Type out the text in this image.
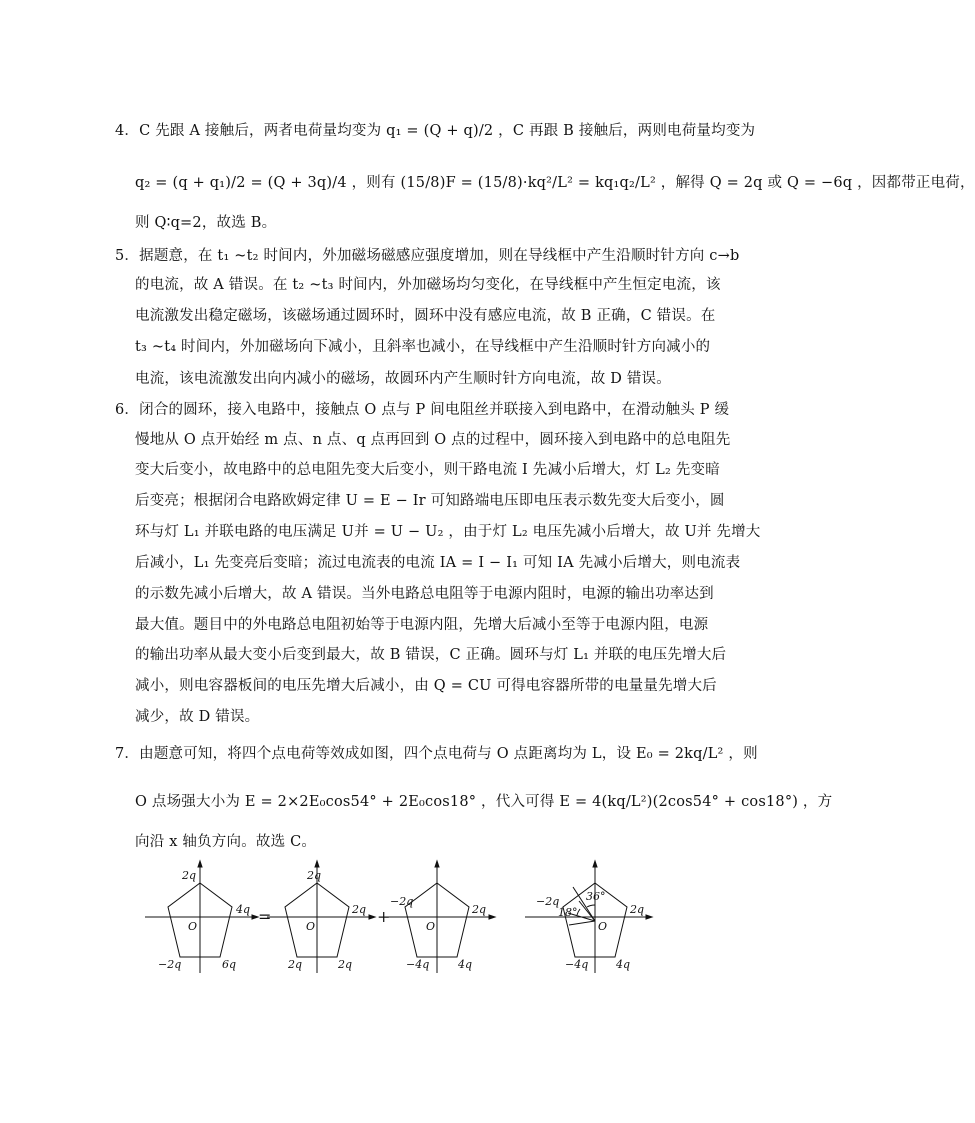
4．C 先跟 A 接触后，两者电荷量均变为 q₁ = (Q + q)/2 ，C 再跟 B 接触后，两则电荷量均变为
q₂ = (q + q₁)/2 = (Q + 3q)/4 ，则有 (15/8)F = (15/8)·kq²/L² = kq₁q₂/L² ，解得 Q = 2q 或 Q = −6q ，因都带正电荷，
则 Q∶q=2，故选 B。
5．据题意，在 t₁ ~t₂ 时间内，外加磁场磁感应强度增加，则在导线框中产生沿顺时针方向 c→b
的电流，故 A 错误。在 t₂ ~t₃ 时间内，外加磁场均匀变化，在导线框中产生恒定电流，该
电流激发出稳定磁场，该磁场通过圆环时，圆环中没有感应电流，故 B 正确，C 错误。在
t₃ ~t₄ 时间内，外加磁场向下减小，且斜率也减小，在导线框中产生沿顺时针方向减小的
电流，该电流激发出向内减小的磁场，故圆环内产生顺时针方向电流，故 D 错误。
6．闭合的圆环，接入电路中，接触点 O 点与 P 间电阻丝并联接入到电路中，在滑动触头 P 缓
慢地从 O 点开始经 m 点、n 点、q 点再回到 O 点的过程中，圆环接入到电路中的总电阻先
变大后变小，故电路中的总电阻先变大后变小，则干路电流 I 先减小后增大，灯 L₂ 先变暗
后变亮；根据闭合电路欧姆定律 U = E − Ir 可知路端电压即电压表示数先变大后变小，圆
环与灯 L₁ 并联电路的电压满足 U并 = U − U₂ ，由于灯 L₂ 电压先减小后增大，故 U并 先增大
后减小，L₁ 先变亮后变暗；流过电流表的电流 IA = I − I₁ 可知 IA 先减小后增大，则电流表
的示数先减小后增大，故 A 错误。当外电路总电阻等于电源内阻时，电源的输出功率达到
最大值。题目中的外电路总电阻初始等于电源内阻，先增大后减小至等于电源内阻，电源
的输出功率从最大变小后变到最大，故 B 错误，C 正确。圆环与灯 L₁ 并联的电压先增大后
减小，则电容器板间的电压先增大后减小，由 Q = CU 可得电容器所带的电量量先增大后
减少，故 D 错误。
7．由题意可知，将四个点电荷等效成如图，四个点电荷与 O 点距离均为 L，设 E₀ = 2kq/L² ，则
O 点场强大小为 E = 2×2E₀cos54° + 2E₀cos18° ，代入可得 E = 4(kq/L²)(2cos54° + cos18°) ，方
向沿 x 轴负方向。故选 C。
=	+
2q
4q
6q
−2q
O
2q
2q
2q
2q
O
−2q
2q
4q
−4q
O
−2q
2q
4q
−4q
O
36°
18°
